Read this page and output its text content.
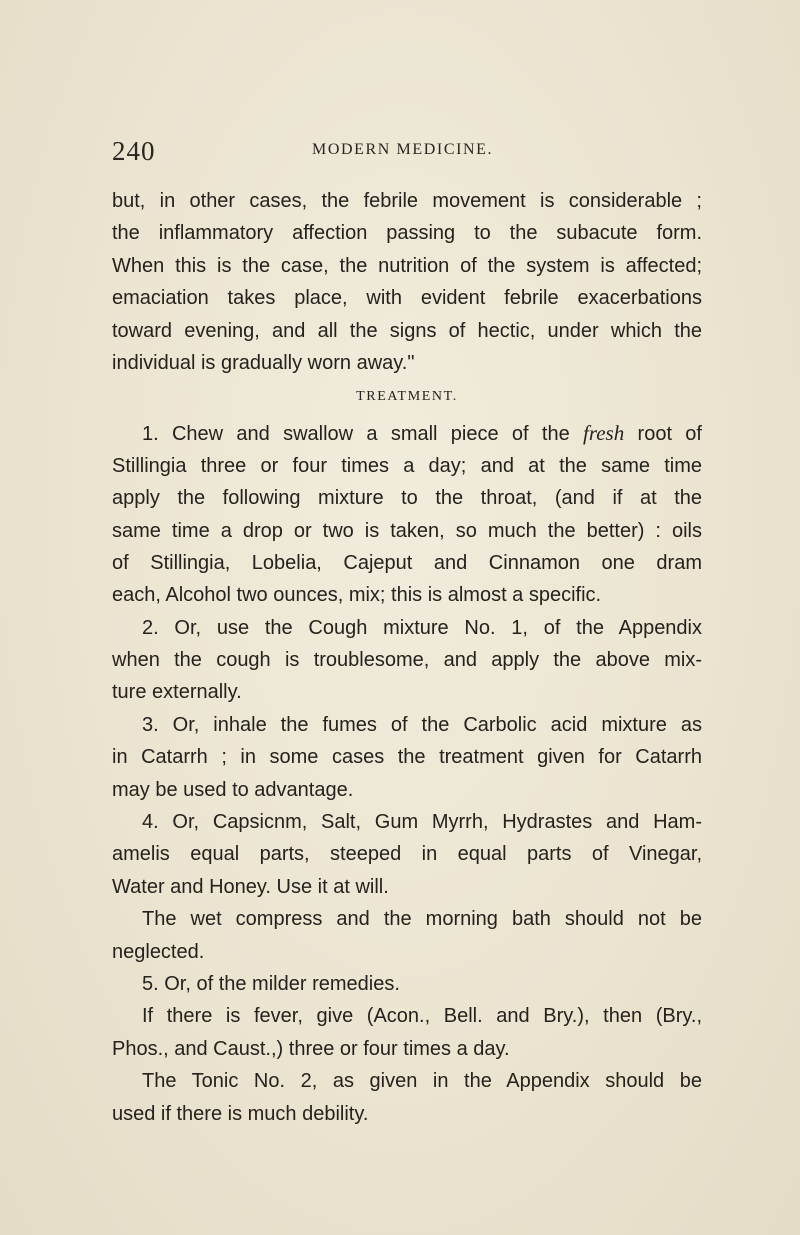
240	MODERN MEDICINE.
but, in other cases, the febrile movement is considerable ;
the inflammatory affection passing to the subacute form.
When this is the case, the nutrition of the system is affected;
emaciation takes place, with evident febrile exacerbations
toward evening, and all the signs of hectic, under which the
individual is gradually worn away."
TREATMENT.
1. Chew and swallow a small piece of the fresh root of
Stillingia three or four times a day; and at the same time
apply the following mixture to the throat, (and if at the
same time a drop or two is taken, so much the better) : oils
of Stillingia, Lobelia, Cajeput and Cinnamon one dram
each, Alcohol two ounces, mix; this is almost a specific.
2. Or, use the Cough mixture No. 1, of the Appendix
when the cough is troublesome, and apply the above mix-
ture externally.
3. Or, inhale the fumes of the Carbolic acid mixture as
in Catarrh ; in some cases the treatment given for Catarrh
may be used to advantage.
4. Or, Capsicnm, Salt, Gum Myrrh, Hydrastes and Ham-
amelis equal parts, steeped in equal parts of Vinegar,
Water and Honey. Use it at will.
The wet compress and the morning bath should not be
neglected.
5. Or, of the milder remedies.
If there is fever, give (Acon., Bell. and Bry.), then (Bry.,
Phos., and Caust.,) three or four times a day.
The Tonic No. 2, as given in the Appendix should be
used if there is much debility.
